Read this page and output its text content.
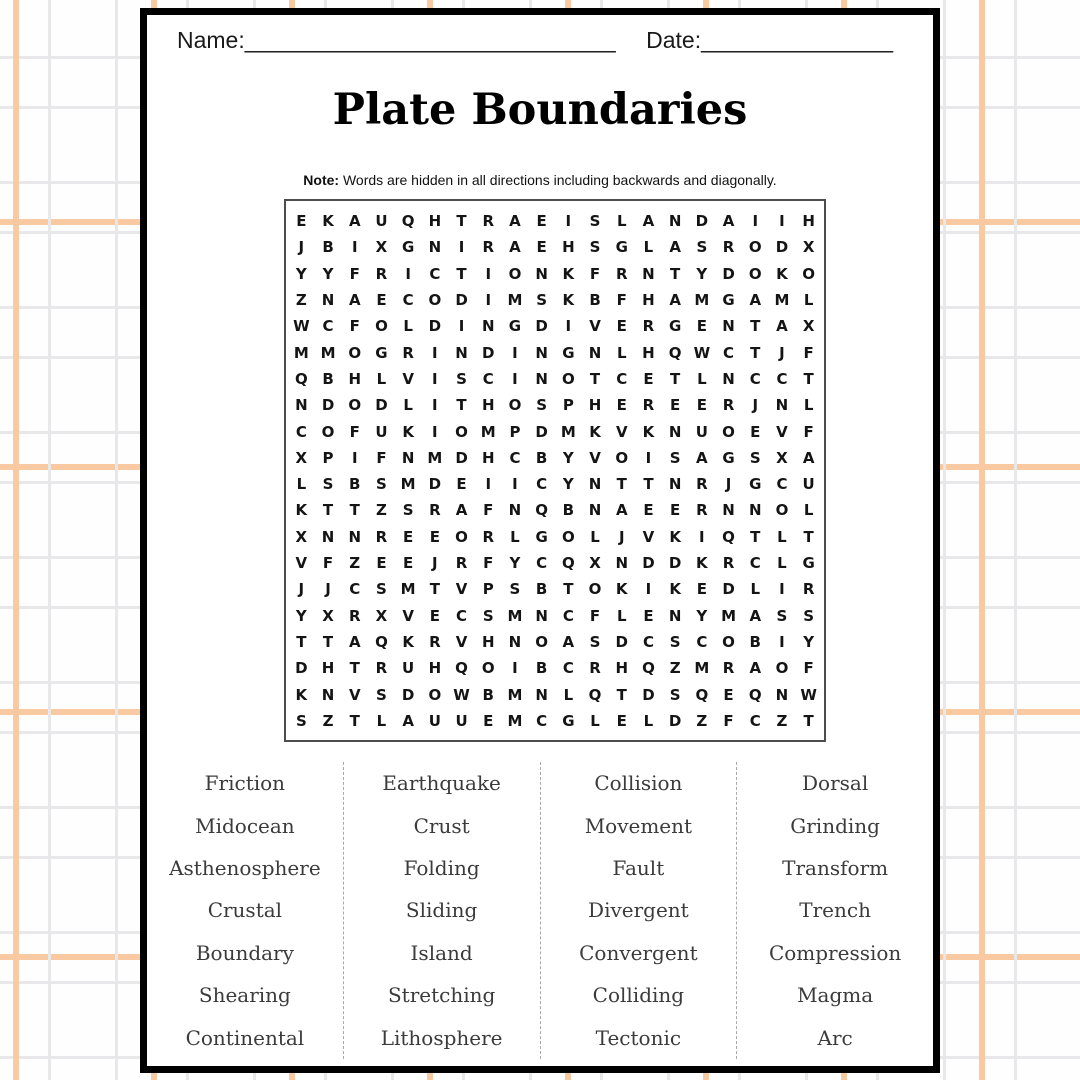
Name:_____________________________ Date:_______________
Plate Boundaries
Note: Words are hidden in all directions including backwards and diagonally.
E	K	A U Q H	T	R	A	E	I	S	L	A N D A	I	I	H
J	B	I	X G N	I	R	A	E	H	S	G	L	A	S	R O D X
Y	Y	F	R	I	C	T	I	O N K	F	R N	T	Y	D O K O
Z N A	E	C O D	I	M S	K	B	F	H A M G A M L
W C	F	O	L	D	I	N G D	I	V	E	R G	E	N	T	A	X
M M O G R	I	N D	I	N G N	L	H Q W C	T	J	F
Q B H	L	V	I	S	C	I	N O	T	C	E	T	L	N C	C	T
N D O D	L	I	T	H O S	P H	E	R	E	E	R	J	N	L
C O	F	U K	I	O M P D M K	V	K N U O	E	V	F
X	P	I	F	N M D H C	B	Y	V O	I	S	A G	S	X	A
L	S	B	S M D	E	I	I	C	Y N	T	T	N R	J	G	C	U
K	T	T	Z	S	R	A	F	N Q B N A	E	E	R N N O	L
X N N R	E	E	O R	L	G O	L	J	V	K	I	Q	T	L	T
V	F	Z	E	E	J	R	F	Y	C Q X N D D K	R	C	L	G
J	J	C	S M T	V	P	S	B	T	O K	I	K	E	D	L	I	R
Y	X	R	X	V	E	C	S M N C	F	L	E	N Y M A	S	S
T	T	A Q K	R	V H N O A	S	D C	S	C O B	I	Y
D H	T	R U H Q O	I	B	C	R H Q Z M R	A O	F
K N V	S	D O W B M N	L	Q	T	D	S Q	E	Q N W
S	Z	T	L	A U U	E M C	G	L	E	L	D	Z	F	C	Z	T
Friction
Midocean
Asthenosphere
Crustal
Boundary
Shearing
Continental
Earthquake
Crust
Folding
Sliding
Island
Stretching
Lithosphere
Collision
Movement
Fault
Divergent
Convergent
Colliding
Tectonic
Dorsal
Grinding
Transform
Trench
Compression
Magma
Arc
